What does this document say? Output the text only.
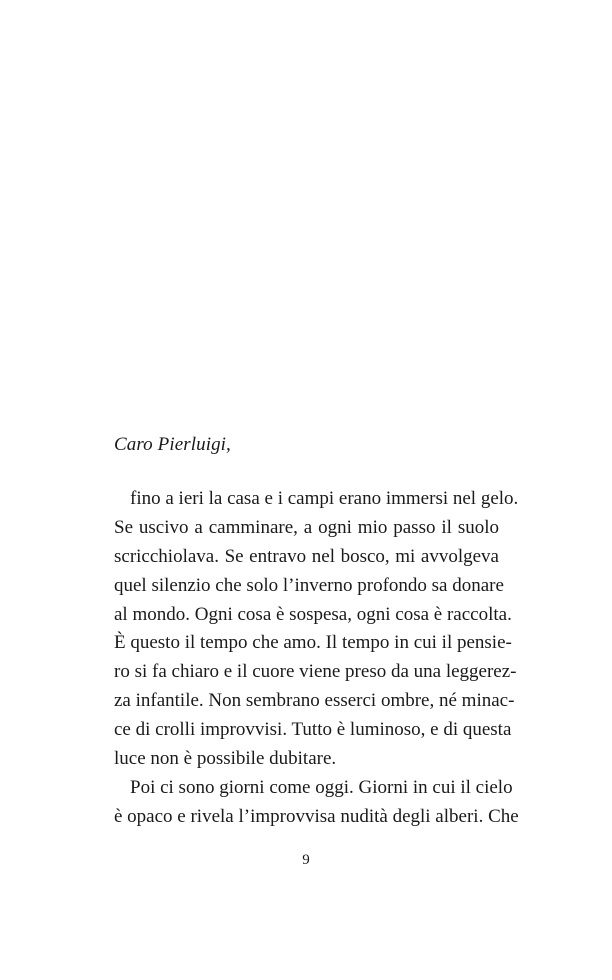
Caro Pierluigi,

fino a ieri la casa e i campi erano immersi nel gelo.
Se uscivo a camminare, a ogni mio passo il suolo
scricchiolava. Se entravo nel bosco, mi avvolgeva
quel silenzio che solo l’inverno profondo sa donare
al mondo. Ogni cosa è sospesa, ogni cosa è raccolta.
È questo il tempo che amo. Il tempo in cui il pensie-
ro si fa chiaro e il cuore viene preso da una leggerez-
za infantile. Non sembrano esserci ombre, né minac-
ce di crolli improvvisi. Tutto è luminoso, e di questa
luce non è possibile dubitare.
Poi ci sono giorni come oggi. Giorni in cui il cielo
è opaco e rivela l’improvvisa nudità degli alberi. Che
9
